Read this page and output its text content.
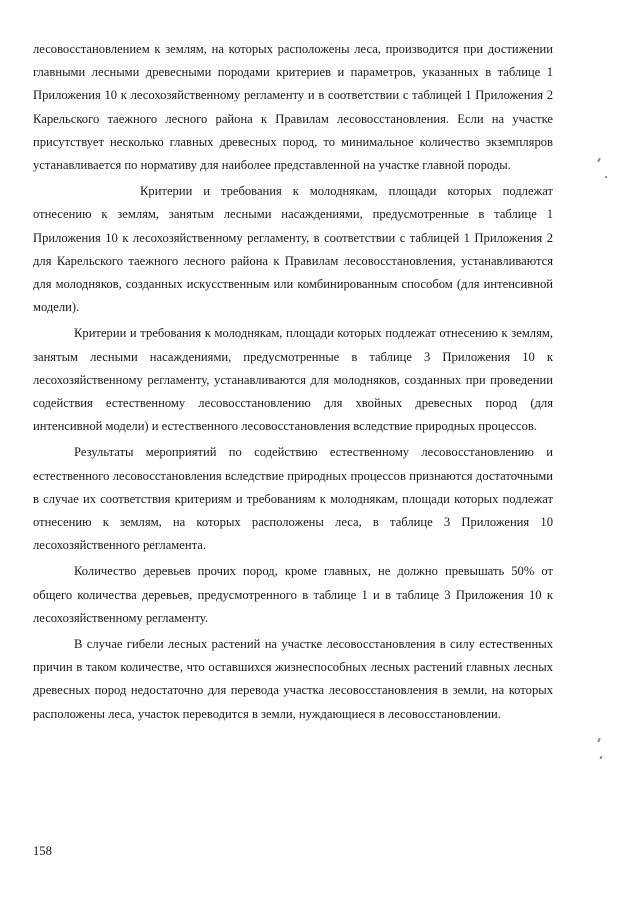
лесовосстановлением к землям, на которых расположены леса, производится при достижении главными лесными древесными породами критериев и параметров, указанных в таблице 1 Приложения 10 к лесохозяйственному регламенту и в соответствии с таблицей 1 Приложения 2 Карельского таежного лесного района к Правилам лесовосстановления. Если на участке присутствует несколько главных древесных пород, то минимальное количество экземпляров устанавливается по нормативу для наиболее представленной на участке главной породы.

Критерии и требования к молоднякам, площади которых подлежат отнесению к землям, занятым лесными насаждениями, предусмотренные в таблице 1 Приложения 10 к лесохозяйственному регламенту, в соответствии с таблицей 1 Приложения 2 для Карельского таежного лесного района к Правилам лесовосстановления, устанавливаются для молодняков, созданных искусственным или комбинированным способом (для интенсивной модели).

Критерии и требования к молоднякам, площади которых подлежат отнесению к землям, занятым лесными насаждениями, предусмотренные в таблице 3 Приложения 10 к лесохозяйственному регламенту, устанавливаются для молодняков, созданных при проведении содействия естественному лесовосстановлению для хвойных древесных пород (для интенсивной модели) и естественного лесовосстановления вследствие природных процессов.

Результаты мероприятий по содействию естественному лесовосстановлению и естественного лесовосстановления вследствие природных процессов признаются достаточными в случае их соответствия критериям и требованиям к молоднякам, площади которых подлежат отнесению к землям, на которых расположены леса, в таблице 3 Приложения 10 лесохозяйственного регламента.

Количество деревьев прочих пород, кроме главных, не должно превышать 50% от общего количества деревьев, предусмотренного в таблице 1 и в таблице 3 Приложения 10 к лесохозяйственному регламенту.

В случае гибели лесных растений на участке лесовосстановления в силу естественных причин в таком количестве, что оставшихся жизнеспособных лесных растений главных лесных древесных пород недостаточно для перевода участка лесовосстановления в земли, на которых расположены леса, участок переводится в земли, нуждающиеся в лесовосстановлении.

158
